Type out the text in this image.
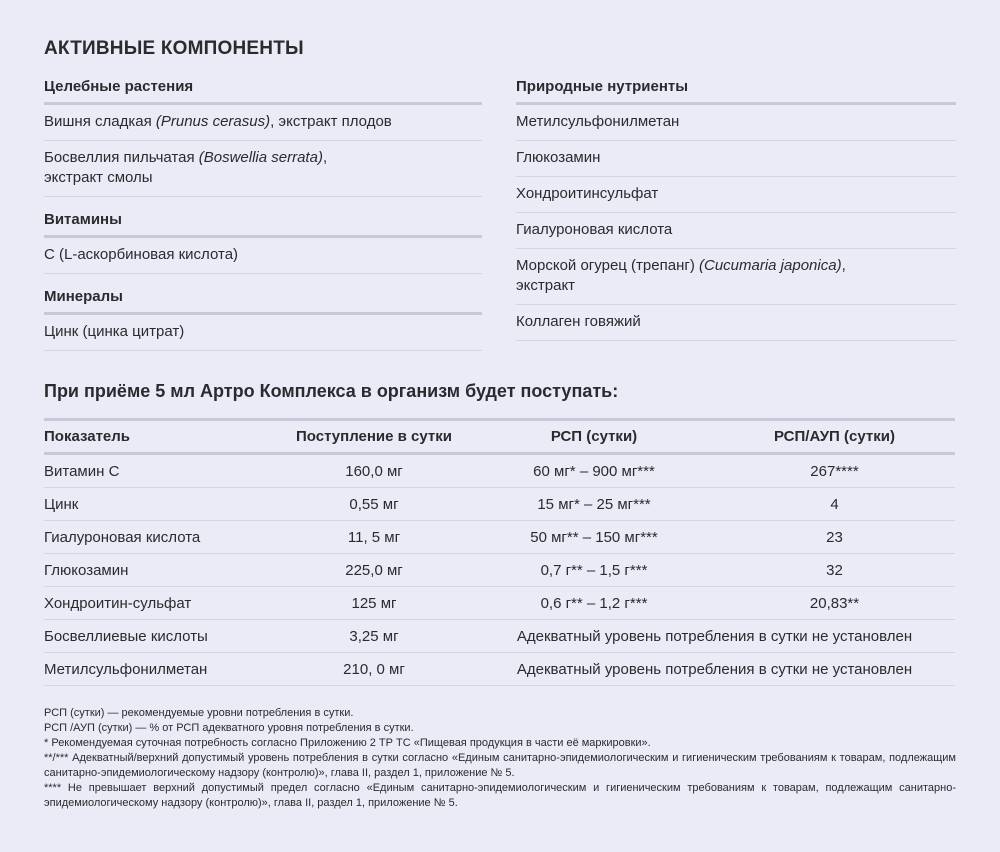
АКТИВНЫЕ КОМПОНЕНТЫ
Целебные растения
Вишня сладкая (Prunus cerasus), экстракт плодов
Босвеллия пильчатая (Boswellia serrata),
экстракт смолы
Витамины
С (L-аскорбиновая кислота)
Минералы
Цинк (цинка цитрат)
Природные нутриенты
Метилсульфонилметан
Глюкозамин
Хондроитинсульфат
Гиалуроновая кислота
Морской огурец (трепанг) (Cucumaria japonica),
экстракт
Коллаген говяжий
При приёме 5 мл Артро Комплекса в организм будет поступать:
Показатель	Поступление в сутки	РСП (сутки)	РСП/АУП (сутки)
Витамин С	160,0 мг	60 мг* – 900 мг***	267****
Цинк	0,55 мг	15 мг* – 25 мг***	4
Гиалуроновая кислота	11, 5 мг	50 мг** – 150 мг***	23
Глюкозамин	225,0 мг	0,7 г** – 1,5 г***	32
Хондроитин-сульфат	125 мг	0,6 г** – 1,2 г***	20,83**
Босвеллиевые кислоты	3,25 мг	Адекватный уровень потребления в сутки не установлен
Метилсульфонилметан	210, 0 мг	Адекватный уровень потребления в сутки не установлен

РСП (сутки) — рекомендуемые уровни потребления в сутки.

РСП /АУП (сутки) — % от РСП адекватного уровня потребления в сутки.

* Рекомендуемая суточная потребность согласно Приложению 2 ТР ТС «Пищевая продукция в части её маркировки».

**/*** Адекватный/верхний допустимый уровень потребления в сутки согласно «Единым санитарно-эпидемиологическим и гигиеническим требованиям к товарам, подлежащим санитарно-эпидемиологическому надзору (контролю)», глава II, раздел 1, приложение № 5.

**** Не превышает верхний допустимый предел согласно «Единым санитарно-эпидемиологическим и гигиеническим требованиям к товарам, подлежащим санитарно-эпидемиологическому надзору (контролю)», глава II, раздел 1, приложение № 5.
